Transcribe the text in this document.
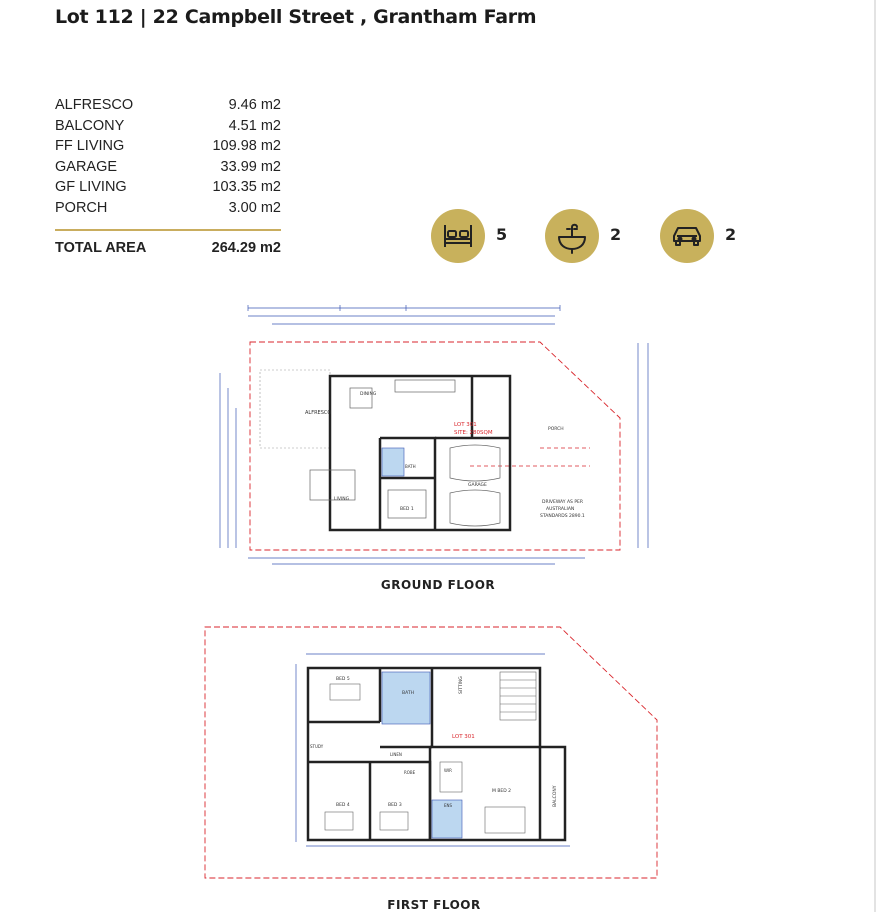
Lot 112 | 22 Campbell Street , Grantham Farm
ALFRESCO	9.46 m2
BALCONY	4.51 m2
FF LIVING	109.98 m2
GARAGE	33.99 m2
GF LIVING	103.35 m2
PORCH	3.00 m2
TOTAL AREA	264.29 m2
5	2	2
ALFRESCO
DINING
LIVING
BED 1
BATH
GARAGE
PORCH
LOT 301
SITE: 280SQM
DRIVEWAY AS PER
AUSTRALIAN
STANDARDS 2890.1
GROUND FLOOR
BED 5
BATH	SITTING
STUDY
LINEN
ROBE
BED 4	BED 3	ENS
WIR
M BED 2	BALCONY
LOT 301
FIRST FLOOR
